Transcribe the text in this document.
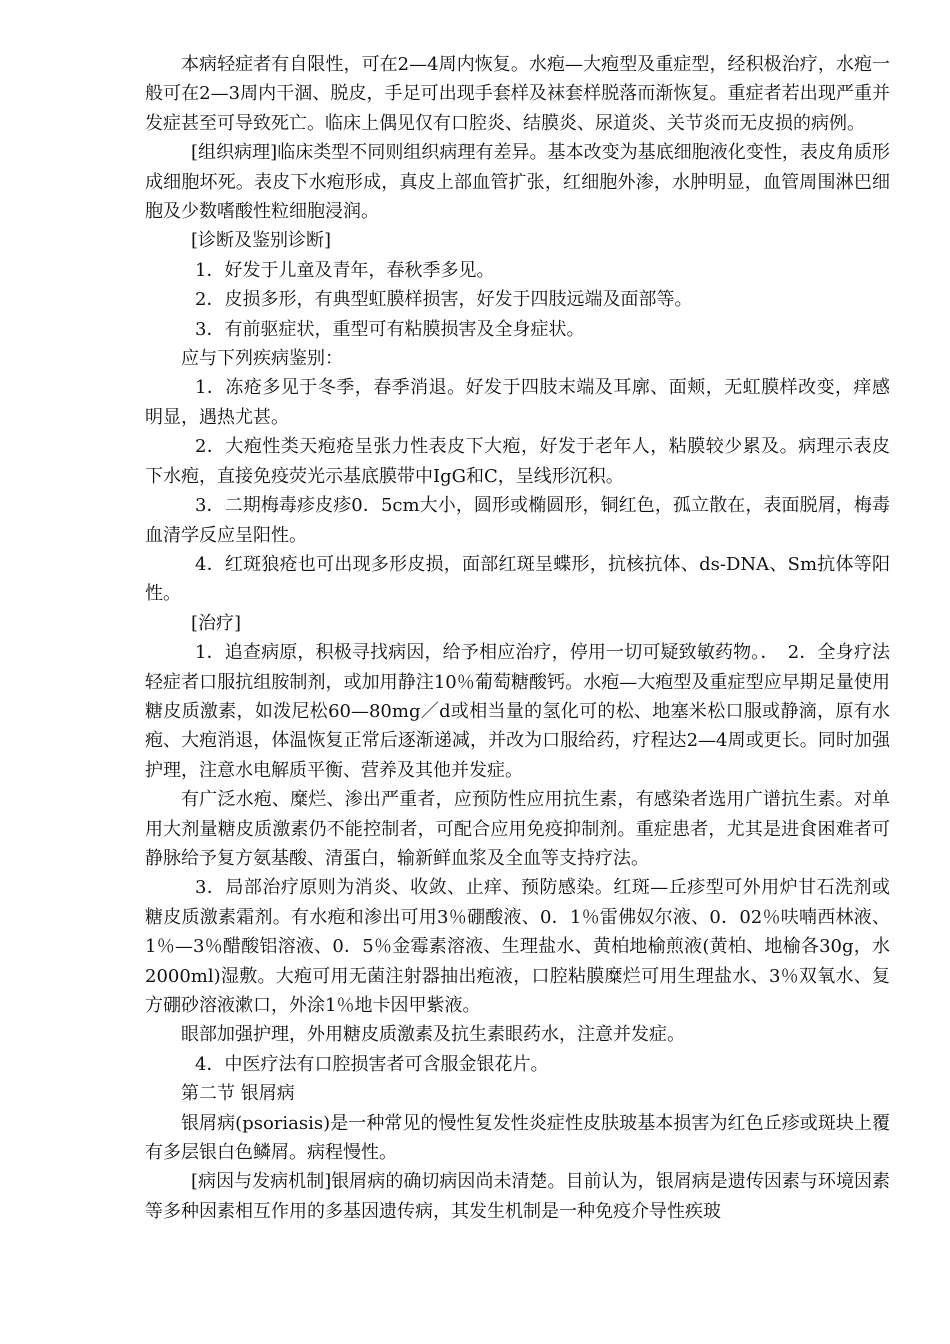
本病轻症者有自限性，可在2—4周内恢复。水疱—大疱型及重症型，经积极治疗，水疱一般可在2—3周内干涸、脱皮，手足可出现手套样及袜套样脱落而渐恢复。重症者若出现严重并发症甚至可导致死亡。临床上偶见仅有口腔炎、结膜炎、尿道炎、关节炎而无皮损的病例。

[组织病理]临床类型不同则组织病理有差异。基本改变为基底细胞液化变性，表皮角质形成细胞坏死。表皮下水疱形成，真皮上部血管扩张，红细胞外渗，水肿明显，血管周围淋巴细胞及少数嗜酸性粒细胞浸润。

[诊断及鉴别诊断]

1．好发于儿童及青年，春秋季多见。

2．皮损多形，有典型虹膜样损害，好发于四肢远端及面部等。

3．有前驱症状，重型可有粘膜损害及全身症状。

应与下列疾病鉴别：

1．冻疮多见于冬季，春季消退。好发于四肢末端及耳廓、面颊，无虹膜样改变，痒感明显，遇热尤甚。

2．大疱性类天疱疮呈张力性表皮下大疱，好发于老年人，粘膜较少累及。病理示表皮下水疱，直接免疫荧光示基底膜带中IgG和C，呈线形沉积。

3．二期梅毒疹皮疹0．5cm大小，圆形或椭圆形，铜红色，孤立散在，表面脱屑，梅毒血清学反应呈阳性。

4．红斑狼疮也可出现多形皮损，面部红斑呈蝶形，抗核抗体、ds-DNA、Sm抗体等阳性。

[治疗]

1．追查病原，积极寻找病因，给予相应治疗，停用一切可疑致敏药物。．　2．全身疗法轻症者口服抗组胺制剂，或加用静注10％葡萄糖酸钙。水疱—大疱型及重症型应早期足量使用糖皮质激素，如泼尼松60—80mg／d或相当量的氢化可的松、地塞米松口服或静滴，原有水疱、大疱消退，体温恢复正常后逐渐递减，并改为口服给药，疗程达2—4周或更长。同时加强护理，注意水电解质平衡、营养及其他并发症。

有广泛水疱、糜烂、渗出严重者，应预防性应用抗生素，有感染者选用广谱抗生素。对单用大剂量糖皮质激素仍不能控制者，可配合应用免疫抑制剂。重症患者，尤其是进食困难者可静脉给予复方氨基酸、清蛋白，输新鲜血浆及全血等支持疗法。

3．局部治疗原则为消炎、收敛、止痒、预防感染。红斑—丘疹型可外用炉甘石洗剂或糖皮质激素霜剂。有水疱和渗出可用3％硼酸液、0．1％雷佛奴尔液、0．02％呋喃西林液、1％—3％醋酸铝溶液、0．5％金霉素溶液、生理盐水、黄柏地榆煎液(黄柏、地榆各30g，水2000ml)湿敷。大疱可用无菌注射器抽出疱液，口腔粘膜糜烂可用生理盐水、3％双氧水、复方硼砂溶液漱口，外涂1％地卡因甲紫液。

眼部加强护理，外用糖皮质激素及抗生素眼药水，注意并发症。

4．中医疗法有口腔损害者可含服金银花片。

第二节 银屑病

银屑病(psoriasis)是一种常见的慢性复发性炎症性皮肤玻基本损害为红色丘疹或斑块上覆有多层银白色鳞屑。病程慢性。

[病因与发病机制]银屑病的确切病因尚未清楚。目前认为，银屑病是遗传因素与环境因素等多种因素相互作用的多基因遗传病，其发生机制是一种免疫介导性疾玻
